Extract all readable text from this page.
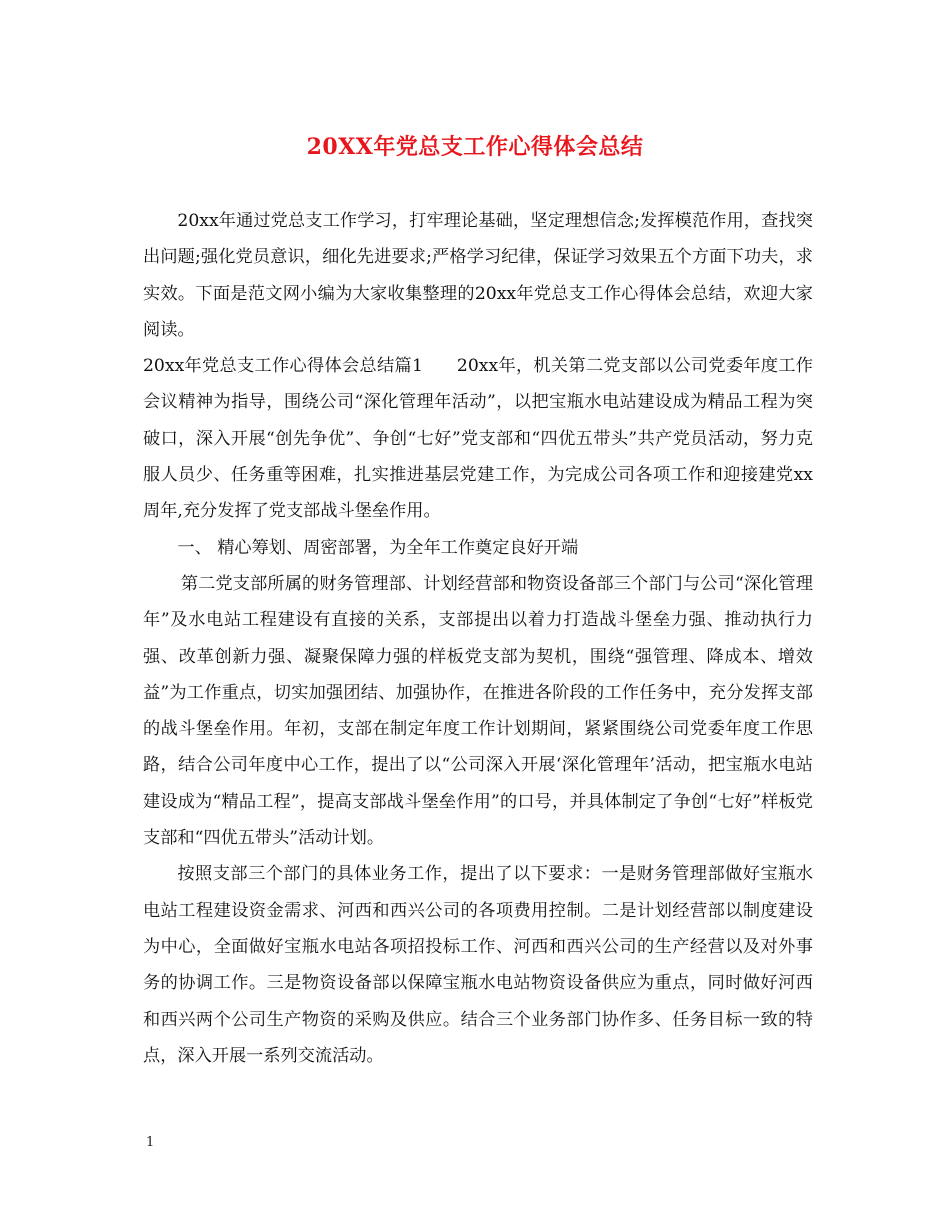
20XX年党总支工作心得体会总结

20xx年通过党总支工作学习，打牢理论基础，坚定理想信念;发挥模范作用，查找突出问题;强化党员意识，细化先进要求;严格学习纪律，保证学习效果五个方面下功夫，求实效。下面是范文网小编为大家收集整理的20xx年党总支工作心得体会总结，欢迎大家阅读。

20xx年党总支工作心得体会总结篇1 20xx年，机关第二党支部以公司党委年度工作会议精神为指导，围绕公司“深化管理年活动”，以把宝瓶水电站建设成为精品工程为突破口，深入开展“创先争优”、争创“七好”党支部和“四优五带头”共产党员活动，努力克服人员少、任务重等困难，扎实推进基层党建工作，为完成公司各项工作和迎接建党xx周年,充分发挥了党支部战斗堡垒作用。

一、 精心筹划、周密部署，为全年工作奠定良好开端

第二党支部所属的财务管理部、计划经营部和物资设备部三个部门与公司“深化管理年”及水电站工程建设有直接的关系，支部提出以着力打造战斗堡垒力强、推动执行力强、改革创新力强、凝聚保障力强的样板党支部为契机，围绕“强管理、降成本、增效益”为工作重点，切实加强团结、加强协作，在推进各阶段的工作任务中，充分发挥支部的战斗堡垒作用。年初，支部在制定年度工作计划期间，紧紧围绕公司党委年度工作思路，结合公司年度中心工作，提出了以“公司深入开展‘深化管理年’活动，把宝瓶水电站建设成为“精品工程”，提高支部战斗堡垒作用”的口号，并具体制定了争创“七好”样板党支部和“四优五带头”活动计划。

按照支部三个部门的具体业务工作，提出了以下要求：一是财务管理部做好宝瓶水电站工程建设资金需求、河西和西兴公司的各项费用控制。二是计划经营部以制度建设为中心，全面做好宝瓶水电站各项招投标工作、河西和西兴公司的生产经营以及对外事务的协调工作。三是物资设备部以保障宝瓶水电站物资设备供应为重点，同时做好河西和西兴两个公司生产物资的采购及供应。结合三个业务部门协作多、任务目标一致的特点，深入开展一系列交流活动。

1
